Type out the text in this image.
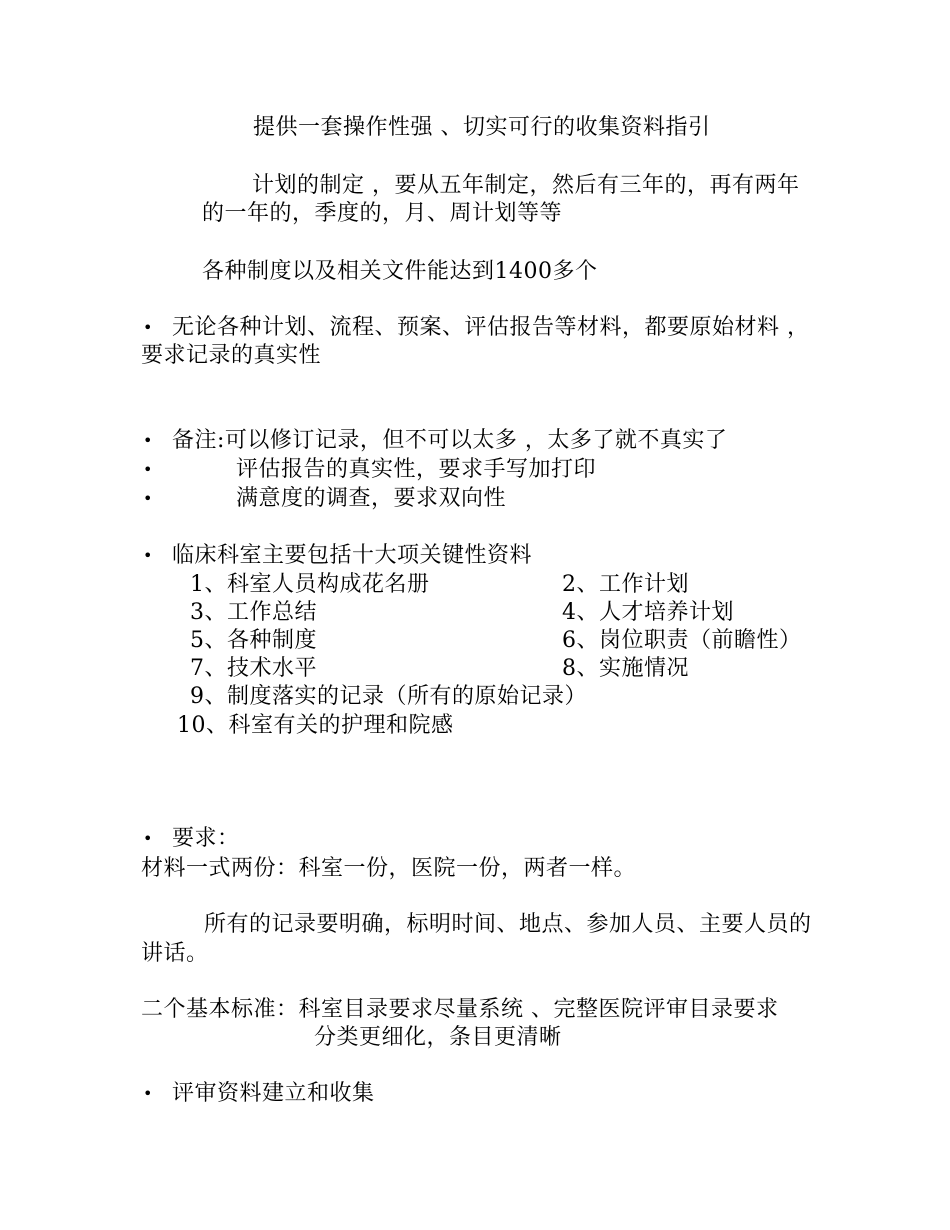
提供一套操作性强 、切实可行的收集资料指引
计划的制定 ，要从五年制定，然后有三年的，再有两年
的一年的，季度的，月、周计划等等
各种制度以及相关文件能达到1400多个
• 无论各种计划、流程、预案、评估报告等材料，都要原始材料 ，
要求记录的真实性
• 备注:可以修订记录，但不可以太多 ，太多了就不真实了
•	评估报告的真实性，要求手写加打印
•	满意度的调查，要求双向性
• 临床科室主要包括十大项关键性资料
1、科室人员构成花名册	2、工作计划
3、工作总结	4、人才培养计划
5、各种制度	6、岗位职责（前瞻性）
7、技术水平	8、实施情况
9、制度落实的记录（所有的原始记录）
10、科室有关的护理和院感
• 要求：
材料一式两份：科室一份，医院一份，两者一样。
所有的记录要明确，标明时间、地点、参加人员、主要人员的
讲话。
二个基本标准：科室目录要求尽量系统 、完整医院评审目录要求
分类更细化，条目更清晰
• 评审资料建立和收集
